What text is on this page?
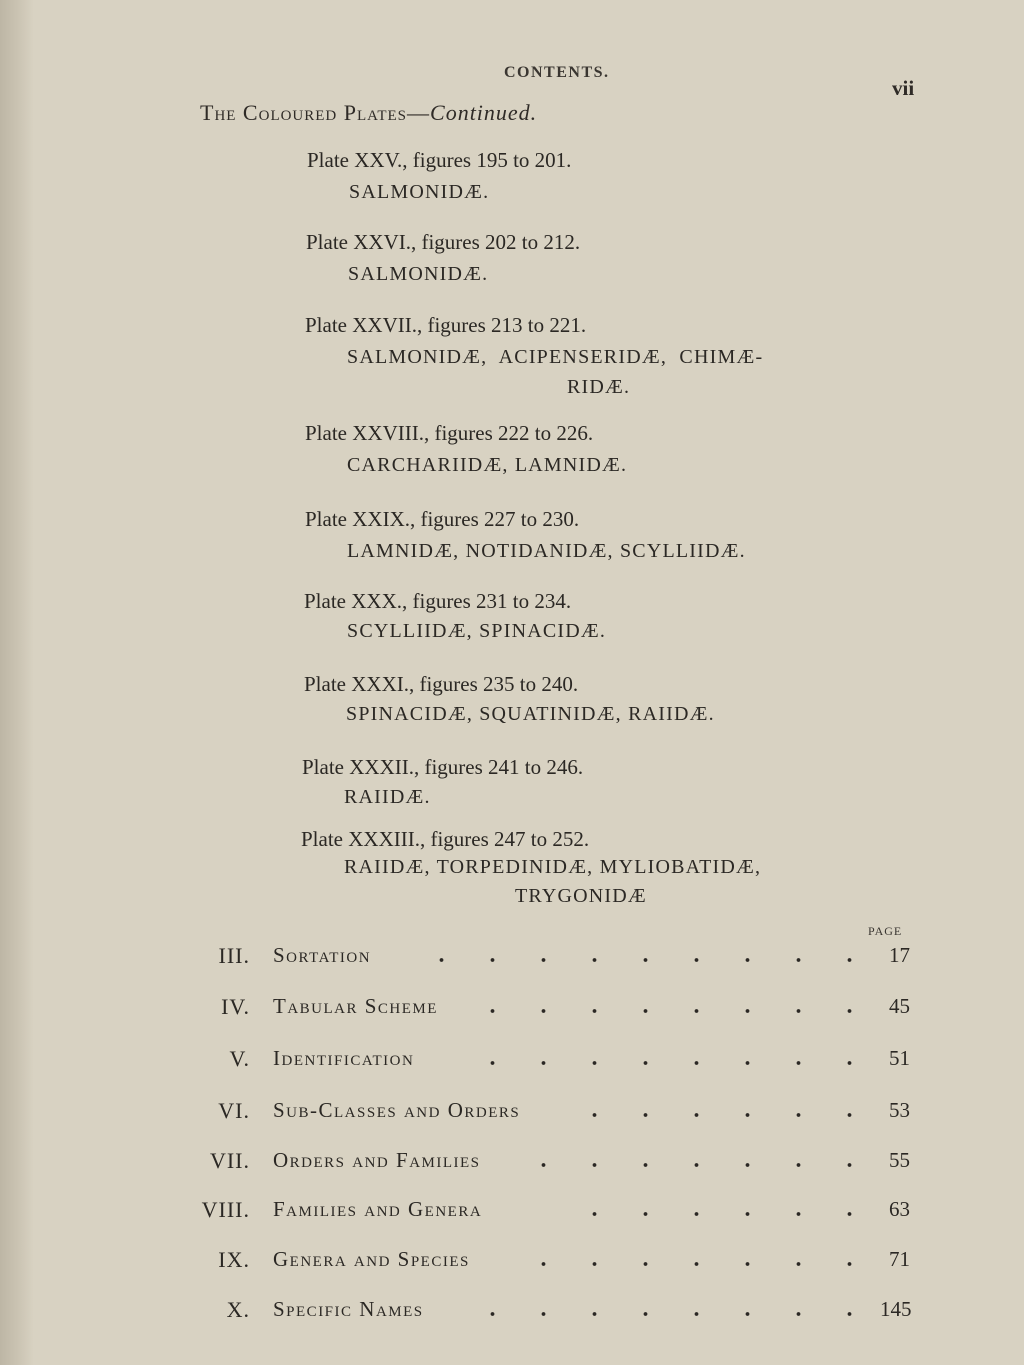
CONTENTS.
vii
The Coloured Plates—Continued.
Plate XXV., figures 195 to 201.
SALMONIDÆ.
Plate XXVI., figures 202 to 212.
SALMONIDÆ.
Plate XXVII., figures 213 to 221.
SALMONIDÆ,  ACIPENSERIDÆ,  CHIMÆ-
RIDÆ.
Plate XXVIII., figures 222 to 226.
CARCHARIIDÆ, LAMNIDÆ.
Plate XXIX., figures 227 to 230.
LAMNIDÆ, NOTIDANIDÆ, SCYLLIIDÆ.
Plate XXX., figures 231 to 234.
SCYLLIIDÆ, SPINACIDÆ.
Plate XXXI., figures 235 to 240.
SPINACIDÆ, SQUATINIDÆ, RAIIDÆ.
Plate XXXII., figures 241 to 246.
RAIIDÆ.
Plate XXXIII., figures 247 to 252.
RAIIDÆ, TORPEDINIDÆ, MYLIOBATIDÆ,
TRYGONIDÆ
PAGE
III. Sortation	17
IV. Tabular Scheme	45
V. Identification	51
VI. Sub-Classes and Orders	53
VII. Orders and Families	55
VIII. Families and Genera	63
IX. Genera and Species	71
X. Specific Names	145
